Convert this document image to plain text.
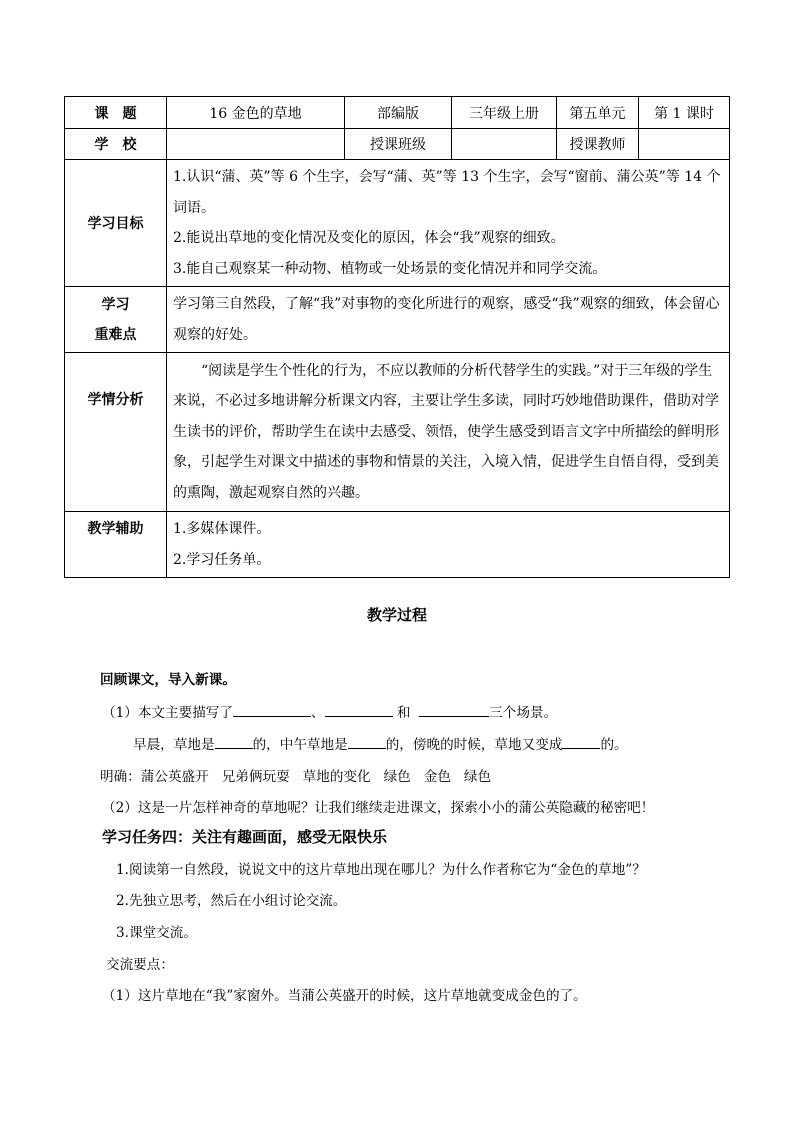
课　题	16 金色的草地	部编版	三年级上册	第五单元	第 1 课时
学　校		授课班级		授课教师	
学习目标	1.认识“蒲、英”等 6 个生字，会写“蒲、英”等 13 个生字，会写“窗前、蒲公英”等 14 个词语。

2.能说出草地的变化情况及变化的原因，体会“我”观察的细致。

3.能自己观察某一种动物、植物或一处场景的变化情况并和同学交流。				

学习
重难点	学习第三自然段，了解“我”对事物的变化所进行的观察，感受“我”观察的细致，体会留心观察的好处。				

学情分析	“阅读是学生个性化的行为，不应以教师的分析代替学生的实践。”对于三年级的学生来说，不必过多地讲解分析课文内容，主要让学生多读，同时巧妙地借助课件，借助对学生读书的评价，帮助学生在读中去感受、领悟，使学生感受到语言文字中所描绘的鲜明形象，引起学生对课文中描述的事物和情景的关注，入境入情，促进学生自悟自得，受到美的熏陶，激起观察自然的兴趣。				

教学辅助	1.多媒体课件。

2.学习任务单。				

教学过程
回顾课文，导入新课。
（1）本文主要描写了	、	和	三个场景。
早晨，草地是	的，中午草地是	的，傍晚的时候，草地又变成	的。
明确：蒲公英盛开 兄弟俩玩耍 草地的变化 绿色 金色 绿色
（2）这是一片怎样神奇的草地呢？让我们继续走进课文，探索小小的蒲公英隐藏的秘密吧！
学习任务四：关注有趣画面，感受无限快乐
1.阅读第一自然段，说说文中的这片草地出现在哪儿？为什么作者称它为“金色的草地”？
2.先独立思考，然后在小组讨论交流。
3.课堂交流。
交流要点：
（1）这片草地在“我”家窗外。当蒲公英盛开的时候，这片草地就变成金色的了。
